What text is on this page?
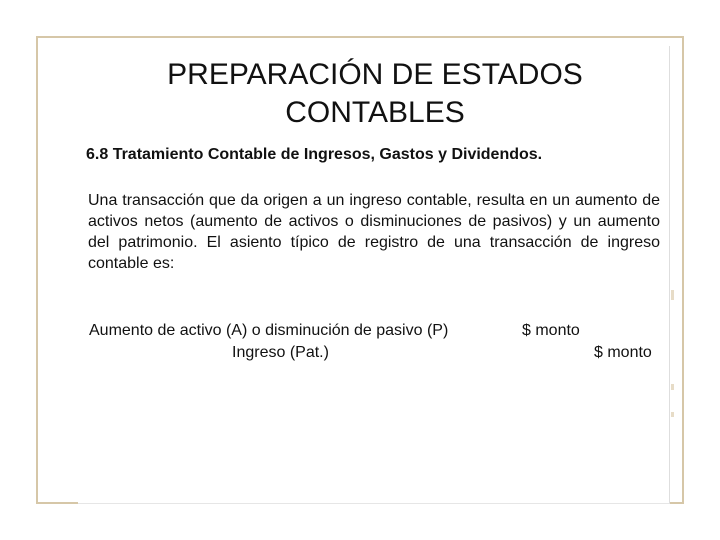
PREPARACIÓN DE ESTADOS CONTABLES
6.8 Tratamiento Contable de Ingresos, Gastos y Dividendos.
Una transacción que da origen a un ingreso contable, resulta en un aumento de activos netos (aumento de activos o disminuciones de pasivos) y un aumento del patrimonio. El asiento típico de registro de una transacción de ingreso contable es:
Aumento de activo (A) o disminución de pasivo (P)	$ monto
Ingreso (Pat.)	$ monto
